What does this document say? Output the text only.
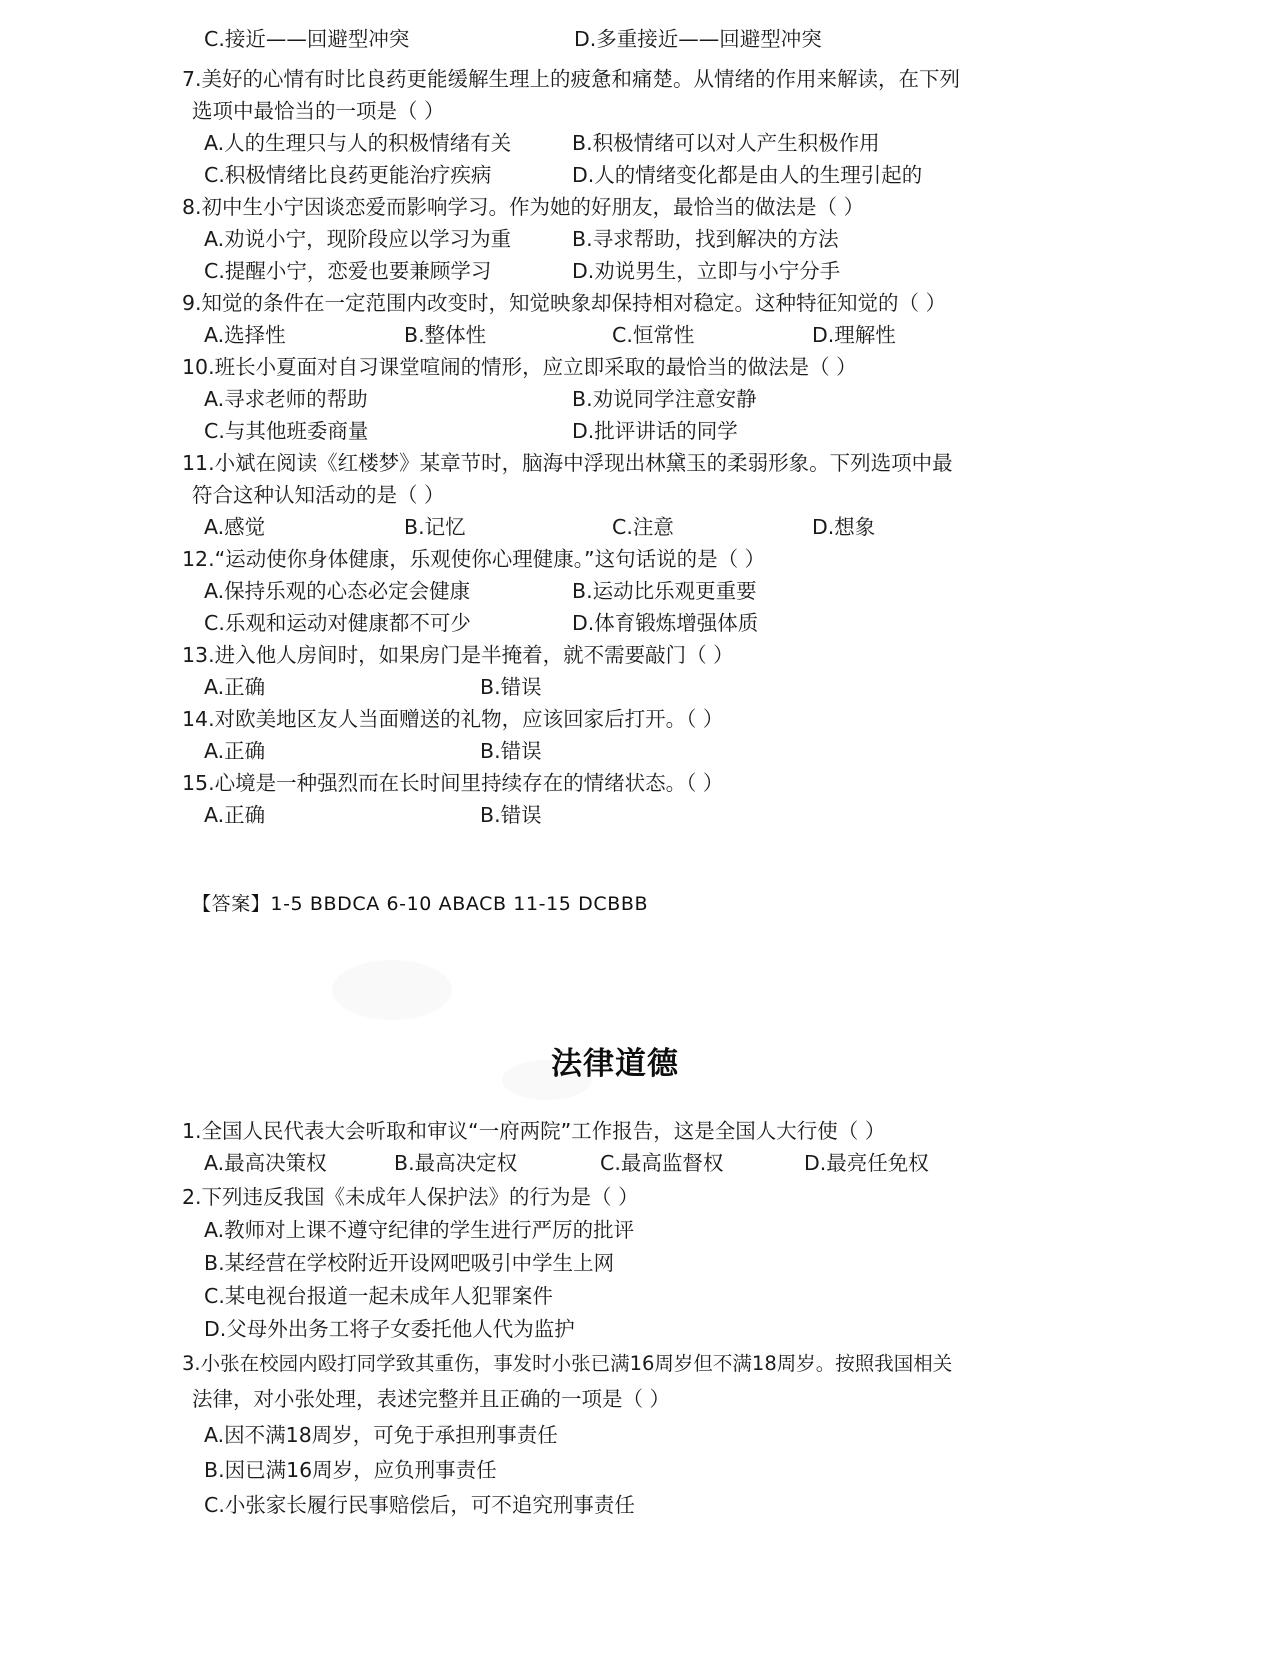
C.接近——回避型冲突	D.多重接近——回避型冲突
7.美好的心情有时比良药更能缓解生理上的疲惫和痛楚。从情绪的作用来解读，在下列
选项中最恰当的一项是（ ）
A.人的生理只与人的积极情绪有关	B.积极情绪可以对人产生积极作用
C.积极情绪比良药更能治疗疾病	D.人的情绪变化都是由人的生理引起的
8.初中生小宁因谈恋爱而影响学习。作为她的好朋友，最恰当的做法是（ ）
A.劝说小宁，现阶段应以学习为重	B.寻求帮助，找到解决的方法
C.提醒小宁，恋爱也要兼顾学习	D.劝说男生，立即与小宁分手
9.知觉的条件在一定范围内改变时，知觉映象却保持相对稳定。这种特征知觉的（ ）
A.选择性	B.整体性	C.恒常性	D.理解性
10.班长小夏面对自习课堂喧闹的情形，应立即采取的最恰当的做法是（ ）
A.寻求老师的帮助	B.劝说同学注意安静
C.与其他班委商量	D.批评讲话的同学
11.小斌在阅读《红楼梦》某章节时，脑海中浮现出林黛玉的柔弱形象。下列选项中最
符合这种认知活动的是（ ）
A.感觉	B.记忆	C.注意	D.想象
12.“运动使你身体健康，乐观使你心理健康。”这句话说的是（ ）
A.保持乐观的心态必定会健康	B.运动比乐观更重要
C.乐观和运动对健康都不可少	D.体育锻炼增强体质
13.进入他人房间时，如果房门是半掩着，就不需要敲门（ ）
A.正确	B.错误
14.对欧美地区友人当面赠送的礼物，应该回家后打开。（ ）
A.正确	B.错误
15.心境是一种强烈而在长时间里持续存在的情绪状态。（ ）
A.正确	B.错误
【答案】1-5 BBDCA 6-10 ABACB 11-15 DCBBB
法律道德
1.全国人民代表大会听取和审议“一府两院”工作报告，这是全国人大行使（ ）
A.最高决策权	B.最高决定权	C.最高监督权	D.最亮任免权
2.下列违反我国《未成年人保护法》的行为是（ ）
A.教师对上课不遵守纪律的学生进行严厉的批评
B.某经营在学校附近开设网吧吸引中学生上网
C.某电视台报道一起未成年人犯罪案件
D.父母外出务工将子女委托他人代为监护
3.小张在校园内殴打同学致其重伤，事发时小张已满16周岁但不满18周岁。按照我国相关
法律，对小张处理，表述完整并且正确的一项是（ ）
A.因不满18周岁，可免于承担刑事责任
B.因已满16周岁，应负刑事责任
C.小张家长履行民事赔偿后，可不追究刑事责任
